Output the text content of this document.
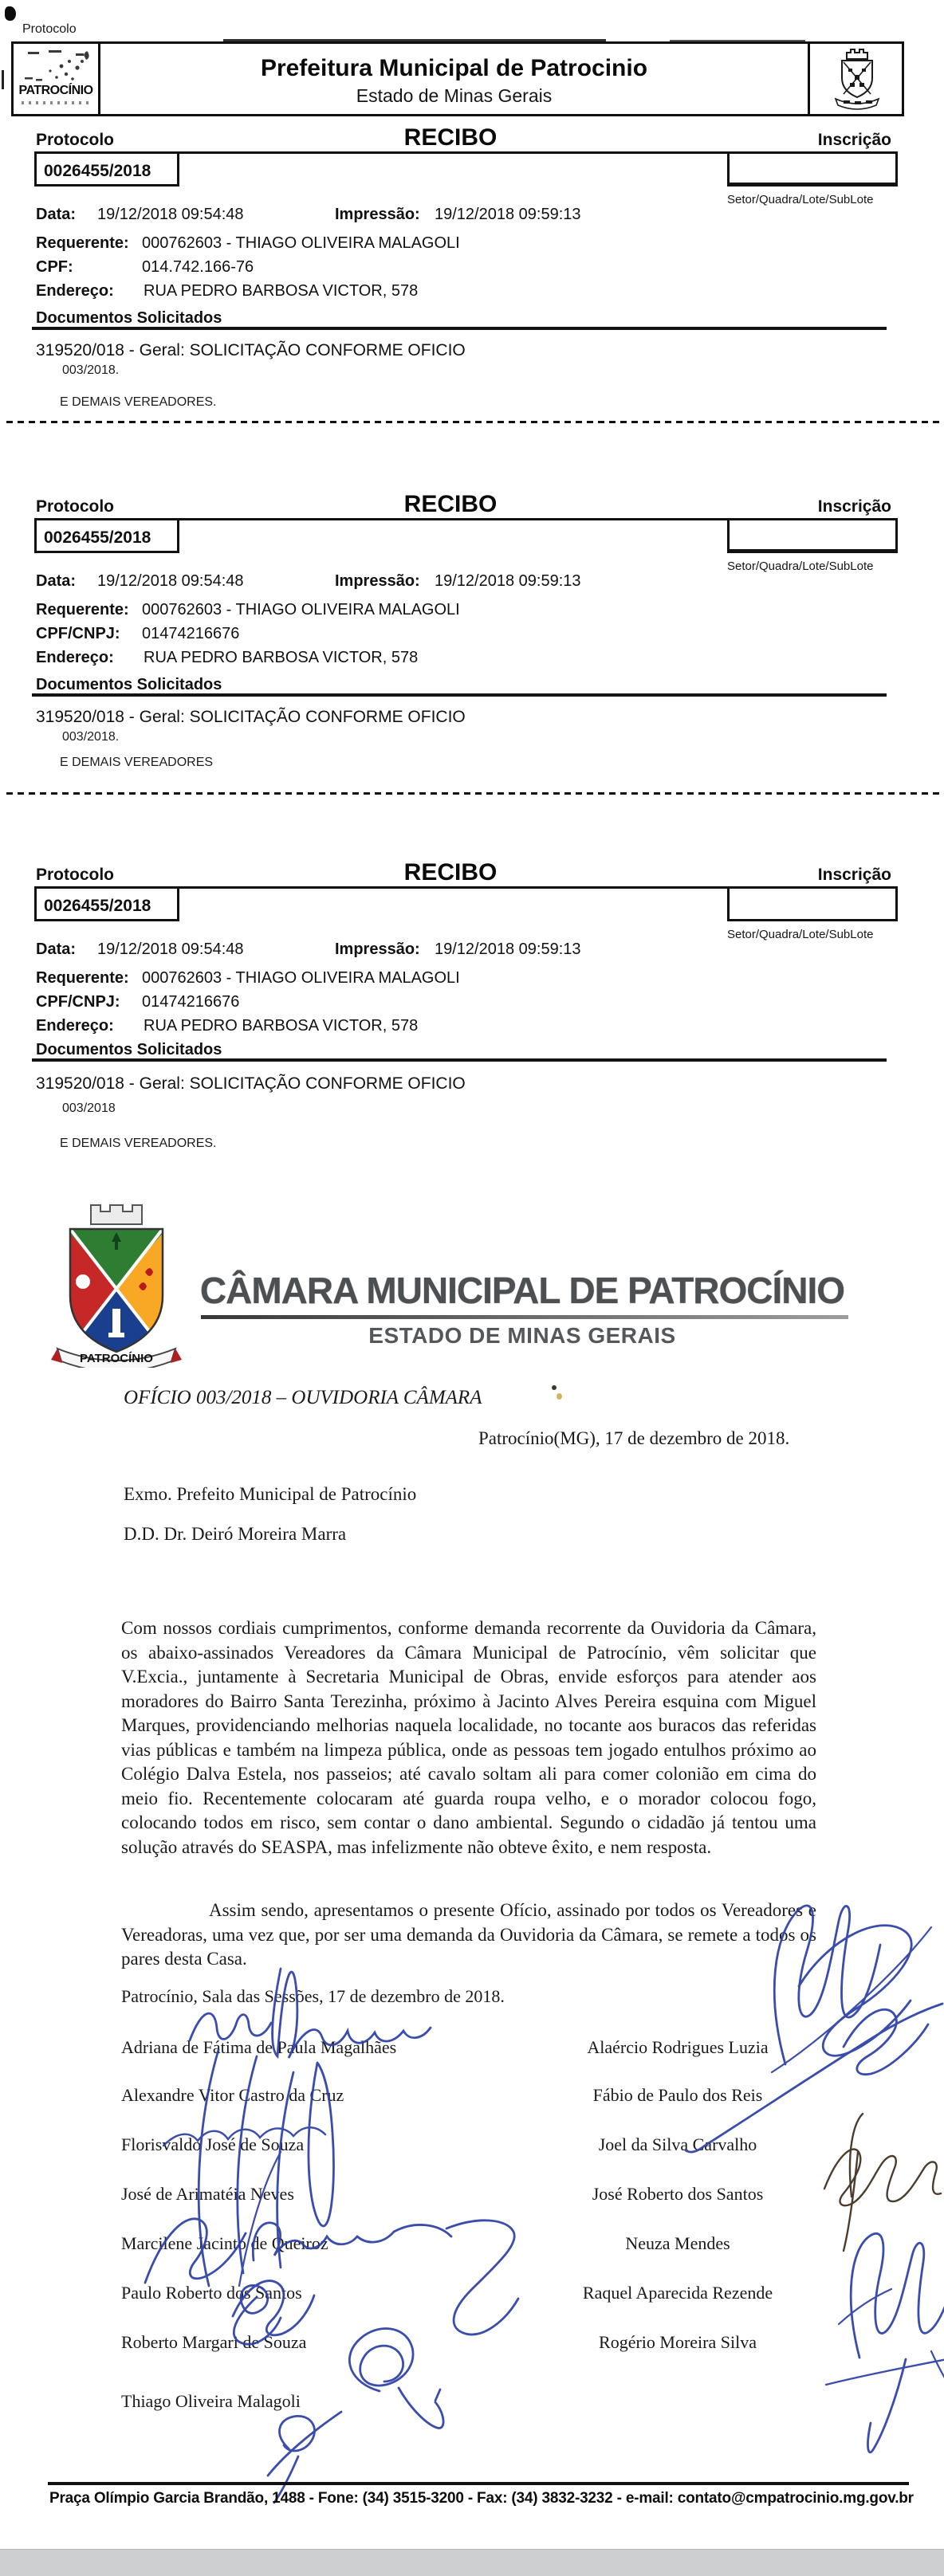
Protocolo
PATROCÍNIO
Prefeitura Municipal de Patrocinio
Estado de Minas Gerais
RECIBO
Protocolo	Inscrição
0026455/2018
Setor/Quadra/Lote/SubLote
Data: 19/12/2018 09:54:48	Impressão: 19/12/2018 09:59:13
Requerente: 000762603 - THIAGO OLIVEIRA MALAGOLI
CPF:	014.742.166-76
Endereço: RUA PEDRO BARBOSA VICTOR, 578
Documentos Solicitados
319520/018 - Geral: SOLICITAÇÃO CONFORME OFICIO
003/2018.
E DEMAIS VEREADORES.
RECIBO
Protocolo	Inscrição
0026455/2018
Setor/Quadra/Lote/SubLote
Data: 19/12/2018 09:54:48	Impressão: 19/12/2018 09:59:13
Requerente: 000762603 - THIAGO OLIVEIRA MALAGOLI
CPF/CNPJ: 01474216676
Endereço: RUA PEDRO BARBOSA VICTOR, 578
Documentos Solicitados
319520/018 - Geral: SOLICITAÇÃO CONFORME OFICIO
003/2018.
E DEMAIS VEREADORES
RECIBO
Protocolo	Inscrição
0026455/2018
Setor/Quadra/Lote/SubLote
Data: 19/12/2018 09:54:48	Impressão: 19/12/2018 09:59:13
Requerente: 000762603 - THIAGO OLIVEIRA MALAGOLI
CPF/CNPJ: 01474216676
Endereço: RUA PEDRO BARBOSA VICTOR, 578
Documentos Solicitados
319520/018 - Geral: SOLICITAÇÃO CONFORME OFICIO
003/2018
E DEMAIS VEREADORES.
PATROCÍNIO
CÂMARA MUNICIPAL DE PATROCÍNIO
ESTADO DE MINAS GERAIS
OFÍCIO 003/2018 – OUVIDORIA CÂMARA
Patrocínio(MG), 17 de dezembro de 2018.
Exmo. Prefeito Municipal de Patrocínio
D.D. Dr. Deiró Moreira Marra
Com nossos cordiais cumprimentos, conforme demanda recorrente da Ouvidoria da Câmara, os abaixo-assinados Vereadores da Câmara Municipal de Patrocínio, vêm solicitar que V.Excia., juntamente à Secretaria Municipal de Obras, envide esforços para atender aos moradores do Bairro Santa Terezinha, próximo à Jacinto Alves Pereira esquina com Miguel Marques, providenciando melhorias naquela localidade, no tocante aos buracos das referidas vias públicas e também na limpeza pública, onde as pessoas tem jogado entulhos próximo ao Colégio Dalva Estela, nos passeios; até cavalo soltam ali para comer colonião em cima do meio fio. Recentemente colocaram até guarda roupa velho, e o morador colocou fogo, colocando todos em risco, sem contar o dano ambiental. Segundo o cidadão já tentou uma solução através do SEASPA, mas infelizmente não obteve êxito, e nem resposta.
Assim sendo, apresentamos o presente Ofício, assinado por todos os Vereadores e Vereadoras, uma vez que, por ser uma demanda da Ouvidoria da Câmara, se remete a todos os pares desta Casa.
Patrocínio, Sala das Sessões, 17 de dezembro de 2018.
Adriana de Fátima de Paula Magalhães
Alexandre Vitor Castro da Cruz
Florisvaldo José de Souza
José de Arimatéia Neves
Marcilene Jacinto de Queiroz
Paulo Roberto dos Santos
Roberto Margari de Souza
Thiago Oliveira Malagoli
Alaércio Rodrigues Luzia
Fábio de Paulo dos Reis
Joel da Silva Carvalho
José Roberto dos Santos
Neuza Mendes
Raquel Aparecida Rezende
Rogério Moreira Silva
Praça Olímpio Garcia Brandão, 1488 - Fone: (34) 3515-3200 - Fax: (34) 3832-3232 - e-mail: contato@cmpatrocinio.mg.gov.br
